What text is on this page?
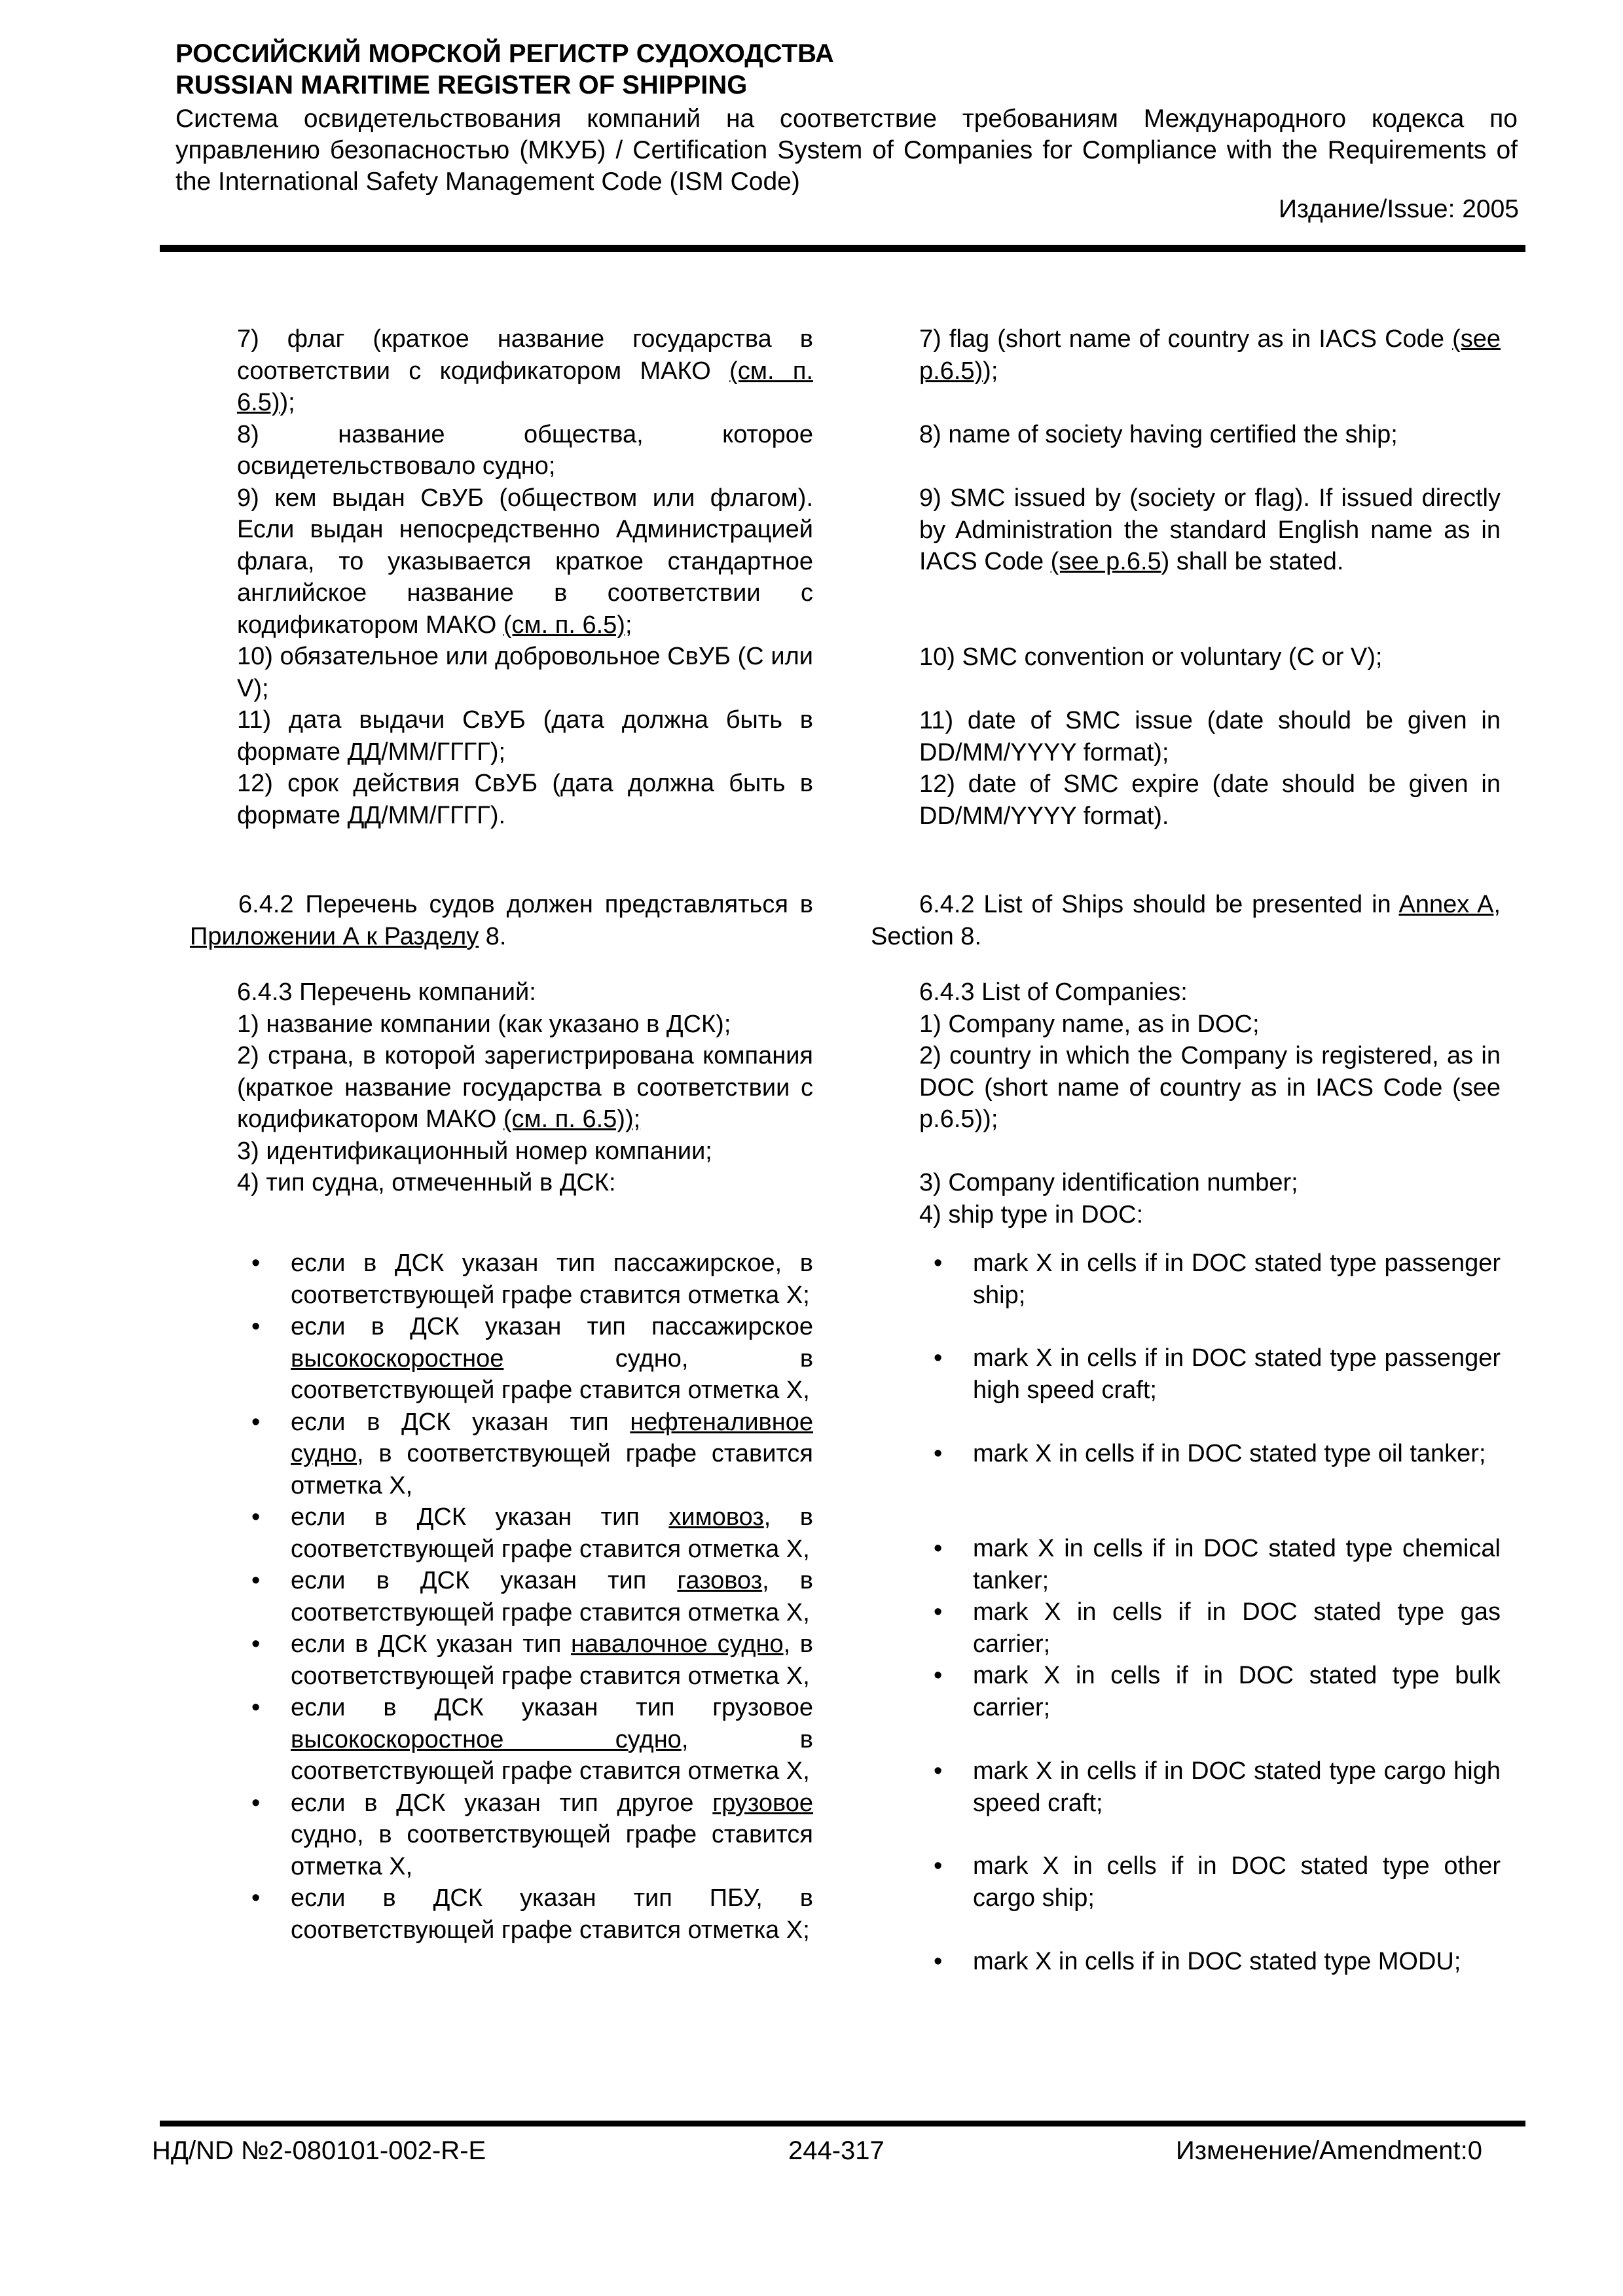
РОССИЙСКИЙ МОРСКОЙ РЕГИСТР СУДОХОДСТВА
RUSSIAN MARITIME REGISTER OF SHIPPING
Система освидетельствования компаний на соответствие требованиям Международного кодекса по управлению безопасностью (МКУБ) / Certification System of Companies for Compliance with the Requirements of the International Safety Management Code (ISM Code)
Издание/Issue: 2005

7) флаг (краткое название государства в соответствии с кодификатором МАКО (см. п. 6.5));

8) название общества, которое освидетельствовало судно;

9) кем выдан СвУБ (обществом или флагом). Если выдан непосредственно Администрацией флага, то указывается краткое стандартное английское название в соответствии с кодификатором МАКО (см. п. 6.5);

10) обязательное или добровольное СвУБ (С или V);

11) дата выдачи СвУБ (дата должна быть в формате ДД/ММ/ГГГГ);

12) срок действия СвУБ (дата должна быть в формате ДД/ММ/ГГГГ).

7) flag (short name of country as in IACS Code (see p.6.5));

8) name of society having certified the ship;

9) SMC issued by (society or flag). If issued directly by Administration the standard English name as in IACS Code (see p.6.5) shall be stated.

10) SMC convention or voluntary (C or V);

11) date of SMC issue (date should be given in DD/MM/YYYY format);

12) date of SMC expire (date should be given in DD/MM/YYYY format).

6.4.2 Перечень судов должен представляться в Приложении А к Разделу 8.
6.4.2 List of Ships should be presented in Annex A, Section 8.

6.4.3 Перечень компаний:

1) название компании (как указано в ДСК);

2) страна, в которой зарегистрирована компания (краткое название государства в соответствии с кодификатором МАКО (см. п. 6.5));

3) идентификационный номер компании;

4) тип судна, отмеченный в ДСК:

6.4.3 List of Companies:

1) Company name, as in DOC;

2) country in which the Company is registered, as in DOC (short name of country as in IACS Code (see p.6.5));

3) Company identification number;

4) ship type in DOC:

• если в ДСК указан тип пассажирское, в соответствующей графе ставится отметка X;
• если в ДСК указан тип пассажирское высокоскоростное судно, в соответствующей графе ставится отметка X,
• если в ДСК указан тип нефтеналивное судно, в соответствующей графе ставится отметка X,
• если в ДСК указан тип химовоз, в соответствующей графе ставится отметка X,
• если в ДСК указан тип газовоз, в соответствующей графе ставится отметка X,
• если в ДСК указан тип навалочное судно, в соответствующей графе ставится отметка X,
• если в ДСК указан тип грузовое высокоскоростное судно, в соответствующей графе ставится отметка X,
• если в ДСК указан тип другое грузовое судно, в соответствующей графе ставится отметка X,
• если в ДСК указан тип ПБУ, в соответствующей графе ставится отметка X;
• mark X in cells if in DOC stated type passenger ship;
• mark X in cells if in DOC stated type passenger high speed craft;
• mark X in cells if in DOC stated type oil tanker;
• mark X in cells if in DOC stated type chemical tanker;
• mark X in cells if in DOC stated type gas carrier;
• mark X in cells if in DOC stated type bulk carrier;
• mark X in cells if in DOC stated type cargo high speed craft;
• mark X in cells if in DOC stated type other cargo ship;
• mark X in cells if in DOC stated type MODU;
НД/ND №2-080101-002-R-E	244-317	Изменение/Amendment:0
